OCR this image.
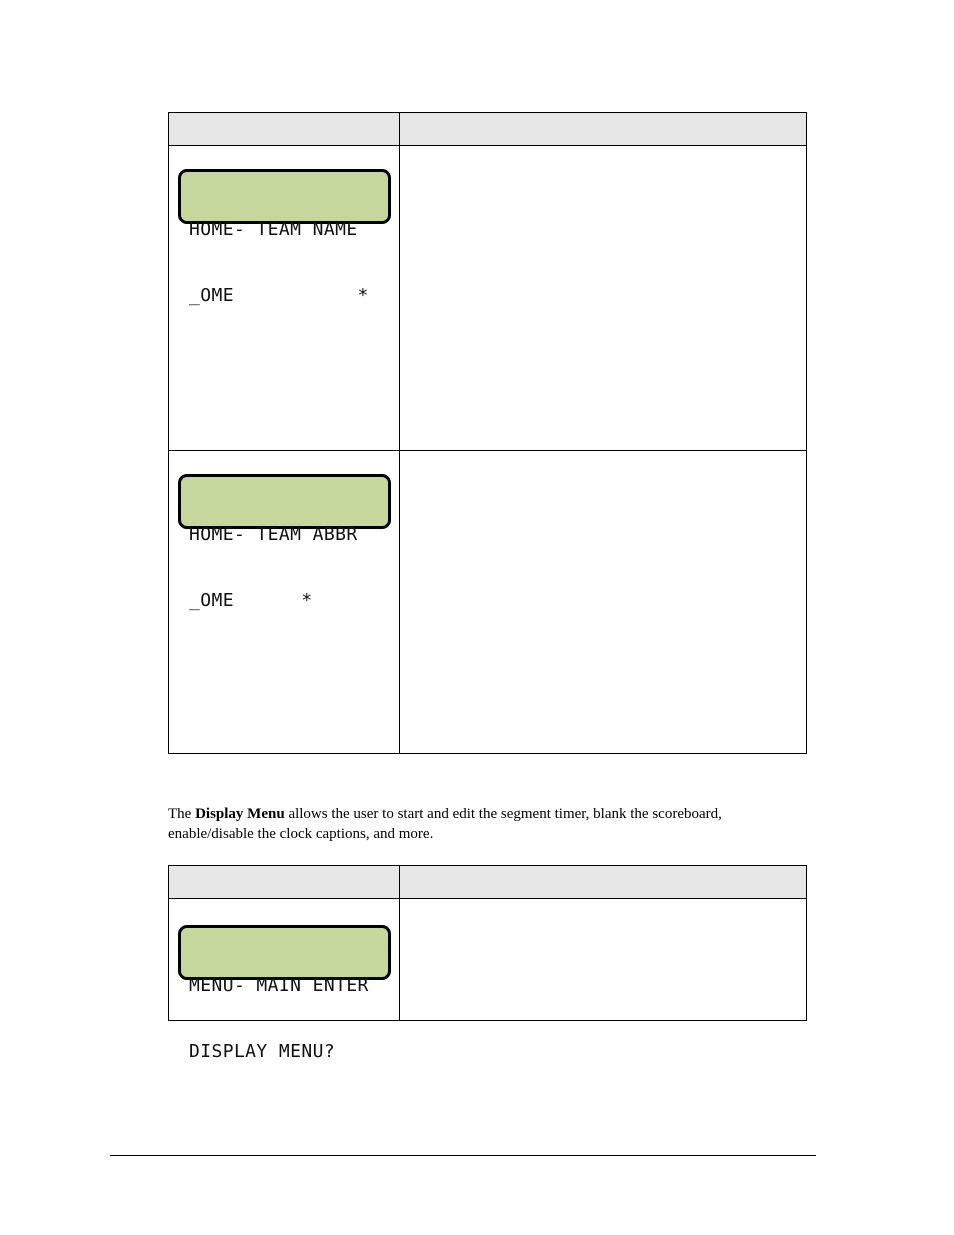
HOME- TEAM NAME

_OME           *

HOME- TEAM ABBR

_OME      *

The Display Menu allows the user to start and edit the segment timer, blank the scoreboard, enable/disable the clock captions, and more.

MENU- MAIN ENTER

DISPLAY MENU?
